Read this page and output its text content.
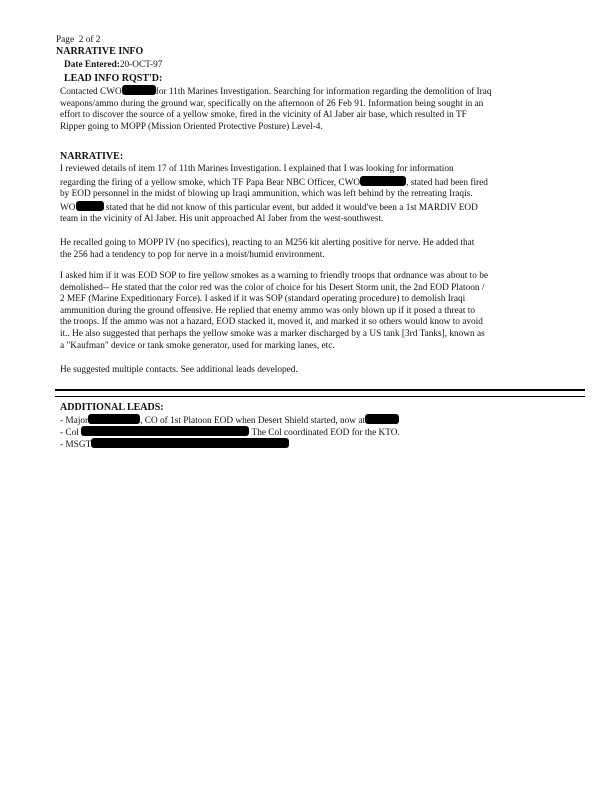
Page 2 of 2
NARRATIVE INFO
Date Entered:20-OCT-97
LEAD INFO RQST'D:
Contacted CWO	for 11th Marines Investigation. Searching for information regarding the demolition of Iraq
weapons/ammo during the ground war, specifically on the afternoon of 26 Feb 91. Information being sought in an
effort to discover the source of a yellow smoke, fired in the vicinity of Al Jaber air base, which resulted in TF
Ripper going to MOPP (Mission Oriented Protective Posture) Level-4.
NARRATIVE:
I reviewed details of item 17 of 11th Marines Investigation. I explained that I was looking for information
regarding the firing of a yellow smoke, which TF Papa Bear NBC Officer, CWO	, stated had been fired
by EOD personnel in the midst of blowing up Iraqi ammunition, which was left behind by the retreating Iraqis.
WO	stated that he did not know of this particular event, but added it would've been a 1st MARDIV EOD
team in the vicinity of Al Jaber. His unit approached Al Jaber from the west-southwest.
He recalled going to MOPP IV (no specifics), reacting to an M256 kit alerting positive for nerve. He added that
the 256 had a tendency to pop for nerve in a moist/humid environment.
I asked him if it was EOD SOP to fire yellow smokes as a warning to friendly troops that ordnance was about to be
demolished-- He stated that the color red was the color of choice for his Desert Storm unit, the 2nd EOD Platoon /
2 MEF (Marine Expeditionary Force). I asked if it was SOP (standard operating procedure) to demolish Iraqi
ammunition during the ground offensive. He replied that enemy ammo was only blown up if it posed a threat to
the troops. If the ammo was not a hazard, EOD stacked it, moved it, and marked it so others would know to avoid
it.. He also suggested that perhaps the yellow smoke was a marker discharged by a US tank [3rd Tanks], known as
a "Kaufman" device or tank smoke generator, used for marking lanes, etc.
He suggested multiple contacts. See additional leads developed.
ADDITIONAL LEADS:
- Major	, CO of 1st Platoon EOD when Desert Shield started, now at
- Col	The Col coordinated EOD for the KTO.
- MSGT
